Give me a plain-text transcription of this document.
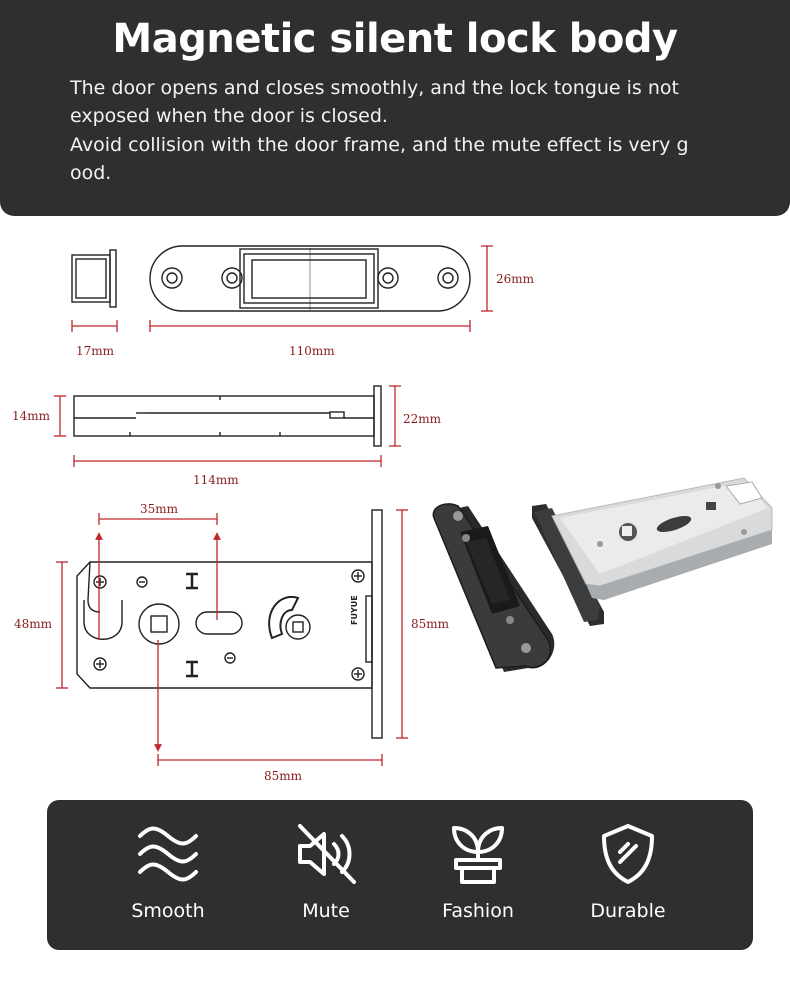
Magnetic silent lock body

The door opens and closes smoothly, and the lock tongue is not

exposed when the door is closed.

Avoid collision with the door frame, and the mute effect is very g

ood.

17mm	110mm
26mm
14mm	22mm
114mm
FUYUE
35mm
48mm	85mm
85mm
Smooth	Mute	Fashion	Durable
